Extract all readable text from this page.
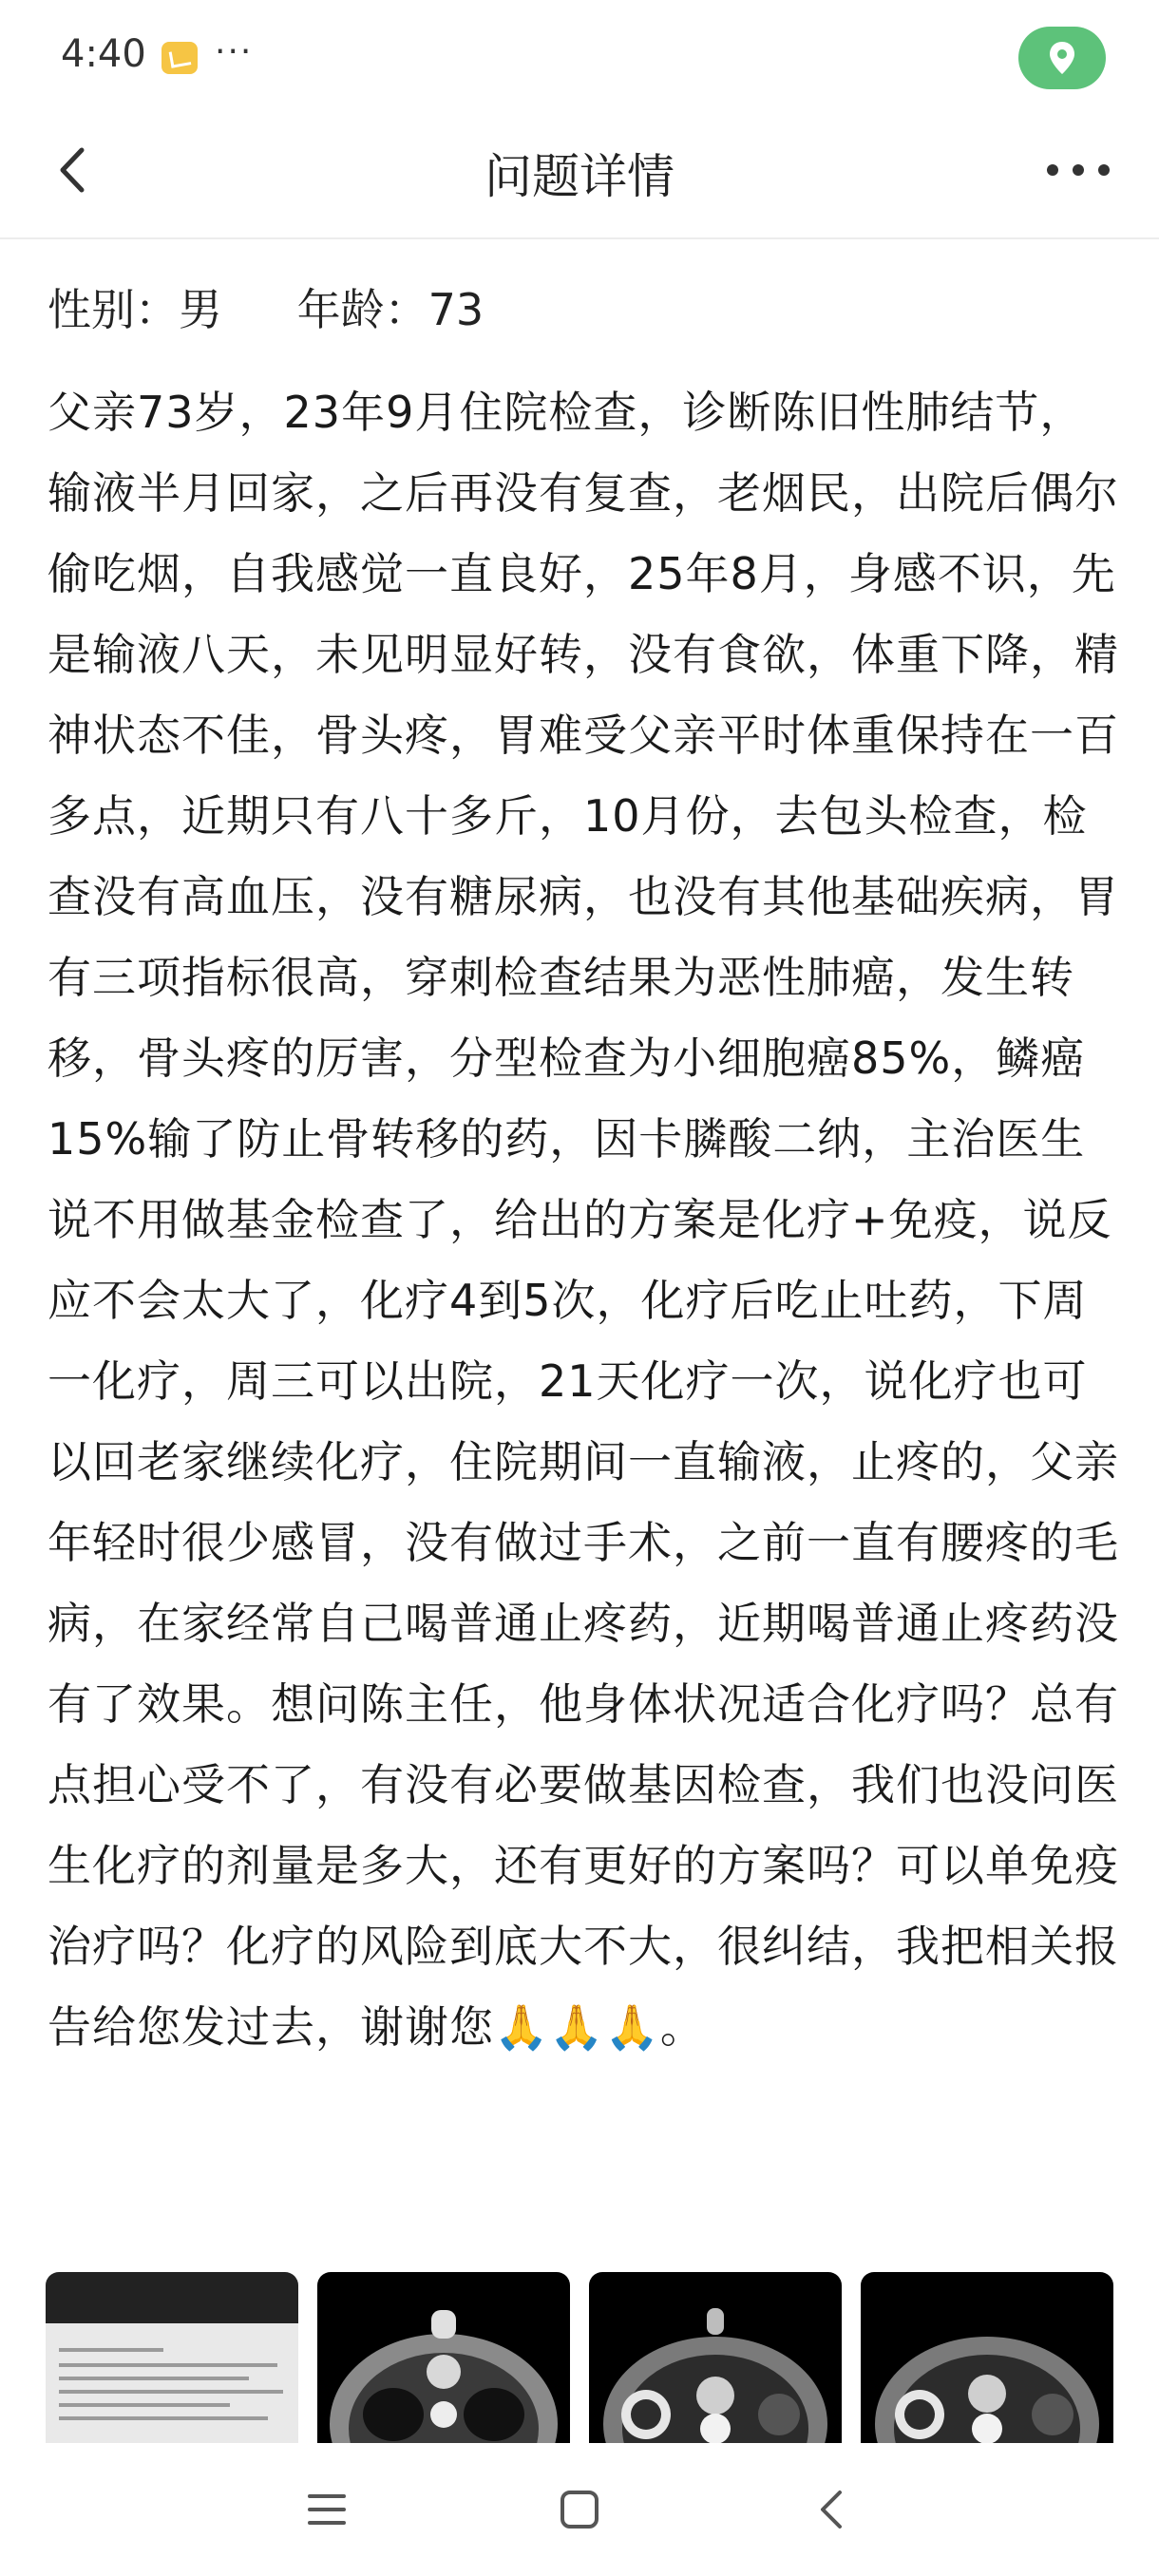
4:40 ···
问题详情
性别：男 年龄：73
父亲73岁，23年9月住院检查，诊断陈旧性肺结节，输液半月回家，之后再没有复查，老烟民，出院后偶尔偷吃烟，自我感觉一直良好，25年8月，身感不识，先是输液八天，未见明显好转，没有食欲，体重下降，精神状态不佳，骨头疼，胃难受父亲平时体重保持在一百多点，近期只有八十多斤，10月份，去包头检查，检查没有高血压，没有糖尿病，也没有其他基础疾病，胃有三项指标很高，穿刺检查结果为恶性肺癌，发生转移，骨头疼的厉害，分型检查为小细胞癌85%，鳞癌15%输了防止骨转移的药，因卡膦酸二纳，主治医生说不用做基金检查了，给出的方案是化疗+免疫，说反应不会太大了，化疗4到5次，化疗后吃止吐药，下周一化疗，周三可以出院，21天化疗一次，说化疗也可以回老家继续化疗，住院期间一直输液，止疼的，父亲年轻时很少感冒，没有做过手术，之前一直有腰疼的毛病，在家经常自己喝普通止疼药，近期喝普通止疼药没有了效果。想问陈主任，他身体状况适合化疗吗？总有点担心受不了，有没有必要做基因检查，我们也没问医生化疗的剂量是多大，还有更好的方案吗？可以单免疫治疗吗？化疗的风险到底大不大，很纠结，我把相关报告给您发过去，谢谢您🙏🙏🙏。
